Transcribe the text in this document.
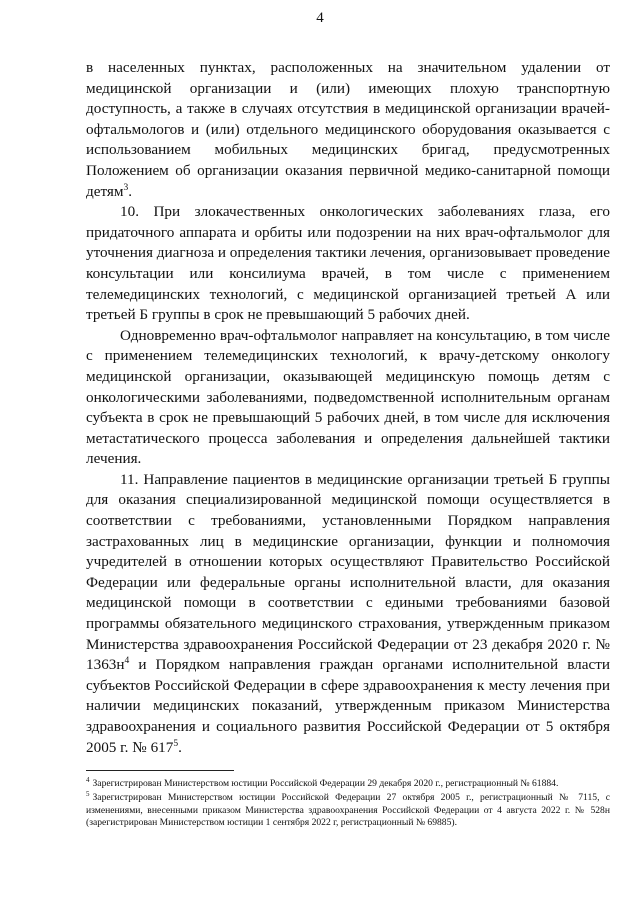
4

в населенных пунктах, расположенных на значительном удалении от медицинской организации и (или) имеющих плохую транспортную доступность, а также в случаях отсутствия в медицинской организации врачей-офтальмологов и (или) отдельного медицинского оборудования оказывается с использованием мобильных медицинских бригад, предусмотренных Положением об организации оказания первичной медико-санитарной помощи детям$^3$.

10. При злокачественных онкологических заболеваниях глаза, его придаточного аппарата и орбиты или подозрении на них врач-офтальмолог для уточнения диагноза и определения тактики лечения, организовывает проведение консультации или консилиума врачей, в том числе с применением телемедицинских технологий, с медицинской организацией третьей А или третьей Б группы в срок не превышающий 5 рабочих дней.

Одновременно врач-офтальмолог направляет на консультацию, в том числе с применением телемедицинских технологий, к врачу-детскому онкологу медицинской организации, оказывающей медицинскую помощь детям с онкологическими заболеваниями, подведомственной исполнительным органам субъекта в срок не превышающий 5 рабочих дней, в том числе для исключения метастатического процесса заболевания и определения дальнейшей тактики лечения.

11. Направление пациентов в медицинские организации третьей Б группы для оказания специализированной медицинской помощи осуществляется в соответствии с требованиями, установленными Порядком направления застрахованных лиц в медицинские организации, функции и полномочия учредителей в отношении которых осуществляют Правительство Российской Федерации или федеральные органы исполнительной власти, для оказания медицинской помощи в соответствии с едиными требованиями базовой программы обязательного медицинского страхования, утвержденным приказом Министерства здравоохранения Российской Федерации от 23 декабря 2020 г. № $1363н^4$ и Порядком направления граждан органами исполнительной власти субъектов Российской Федерации в сфере здравоохранения к месту лечения при наличии медицинских показаний, утвержденным приказом Министерства здравоохранения и социального развития Российской Федерации от 5 октября 2005 г. № $617^5$.

$^4$ Зарегистрирован Министерством юстиции Российской Федерации 29 декабря 2020 г., регистрационный № 61884.

$^5$ Зарегистрирован Министерством юстиции Российской Федерации 27 октября 2005 г., регистрационный № 7115, с изменениями, внесенными приказом Министерства здравоохранения Российской Федерации от 4 августа 2022 г. № 528н (зарегистрирован Министерством юстиции 1 сентября 2022 г, регистрационный № 69885).
